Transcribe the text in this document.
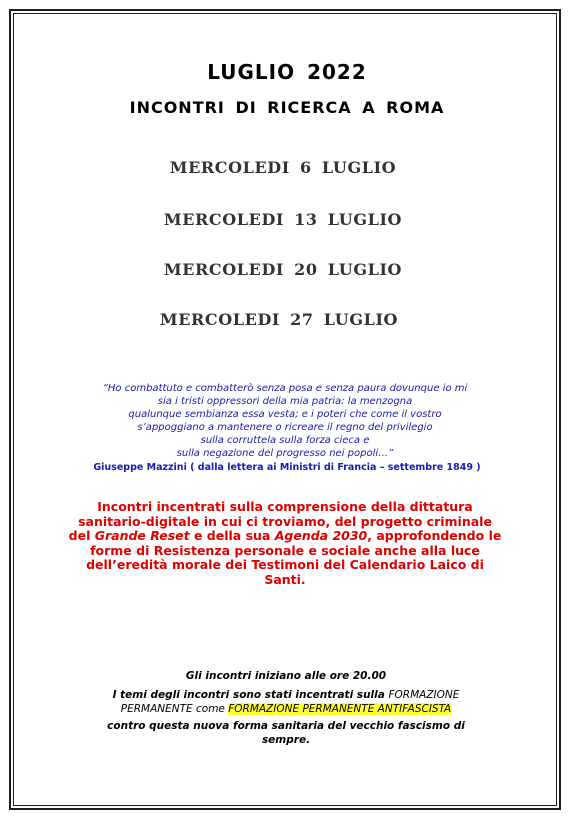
LUGLIO 2022
INCONTRI DI RICERCA A ROMA
MERCOLEDI 6 LUGLIO
MERCOLEDI 13 LUGLIO
MERCOLEDI 20 LUGLIO
MERCOLEDI 27 LUGLIO
“Ho combattuto e combatterò senza posa e senza paura dovunque io mi
sia i tristi oppressori della mia patria: la menzogna
qualunque sembianza essa vesta; e i poteri che come il vostro
s’appoggiano a mantenere o ricreare il regno del privilegio
sulla corruttela sulla forza cieca e
sulla negazione del progresso nei popoli…”
Giuseppe Mazzini ( dalla lettera ai Ministri di Francia – settembre 1849 )
Incontri incentrati sulla comprensione della dittatura
sanitario-digitale in cui ci troviamo, del progetto criminale
del Grande Reset e della sua Agenda 2030, approfondendo le
forme di Resistenza personale e sociale anche alla luce
dell’eredità morale dei Testimoni del Calendario Laico di
Santi.
Gli incontri iniziano alle ore 20.00
I temi degli incontri sono stati incentrati sulla FORMAZIONE
PERMANENTE come FORMAZIONE PERMANENTE ANTIFASCISTA
contro questa nuova forma sanitaria del vecchio fascismo di
sempre.
